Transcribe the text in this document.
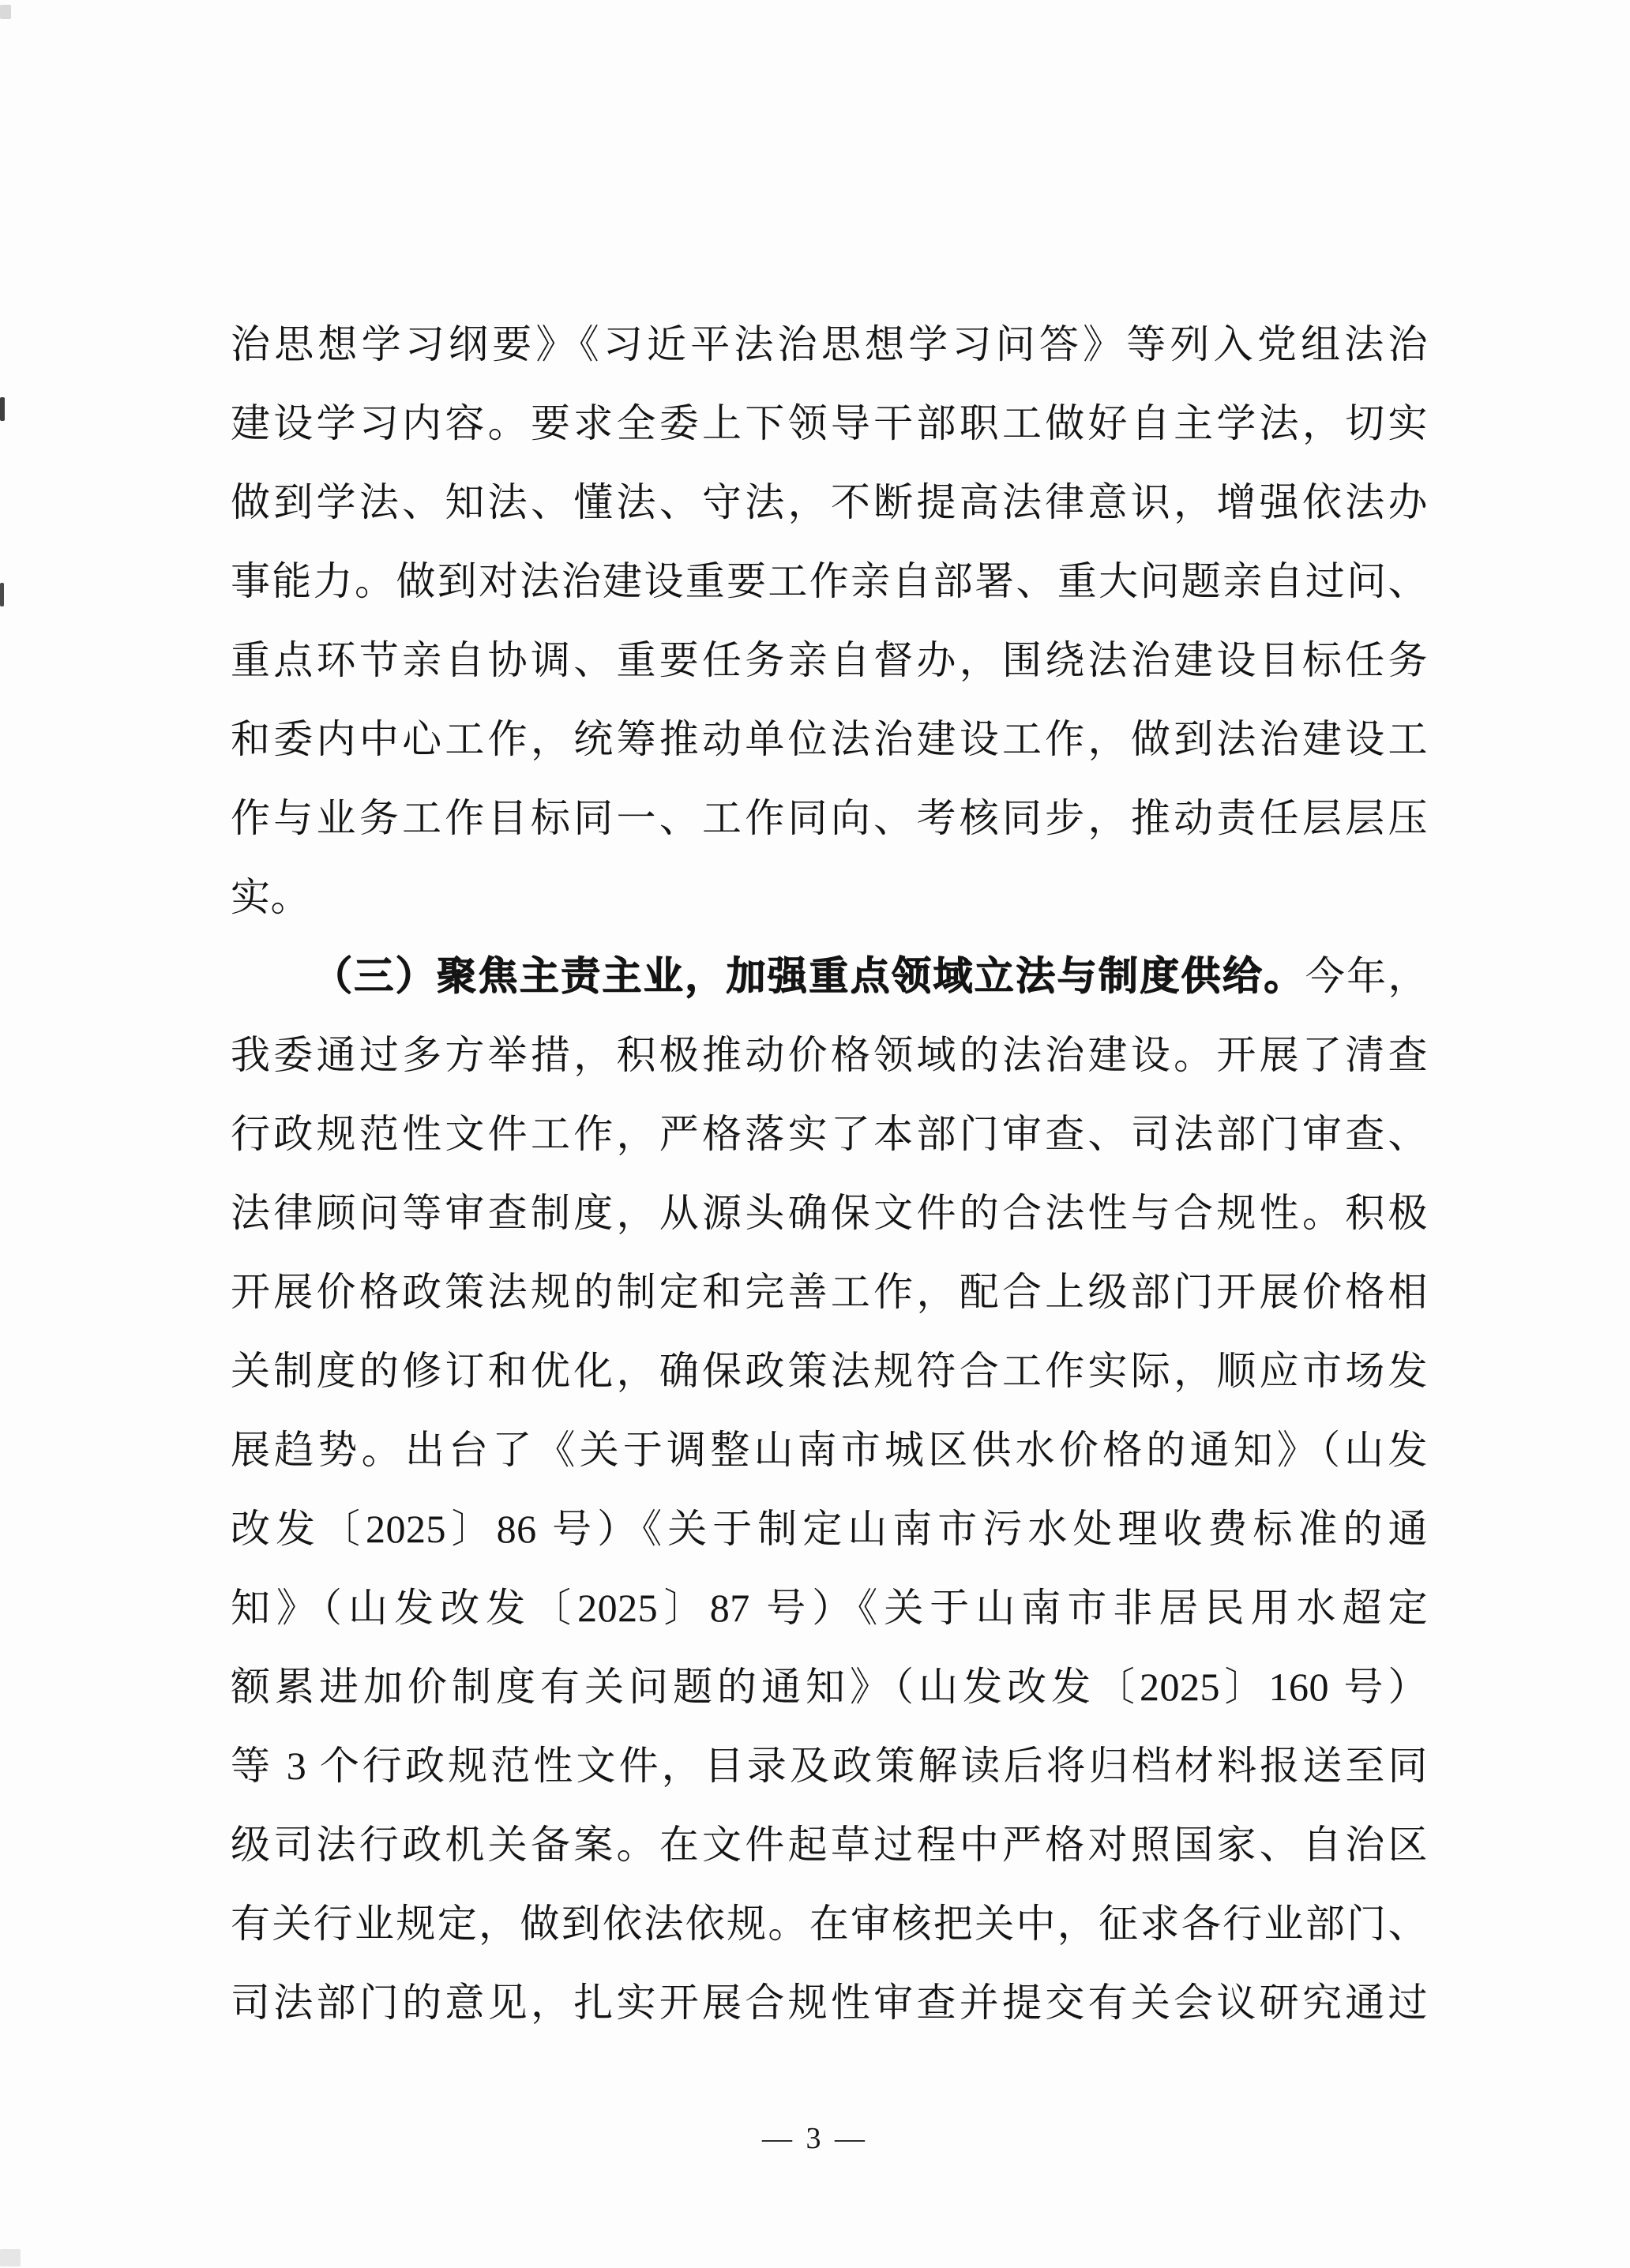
治思想学习纲要》《习近平法治思想学习问答》等列入党组法治
建设学习内容。要求全委上下领导干部职工做好自主学法，切实
做到学法、知法、懂法、守法，不断提高法律意识，增强依法办
事能力。做到对法治建设重要工作亲自部署、重大问题亲自过问、
重点环节亲自协调、重要任务亲自督办，围绕法治建设目标任务
和委内中心工作，统筹推动单位法治建设工作，做到法治建设工
作与业务工作目标同一、工作同向、考核同步，推动责任层层压
实。
（三）聚焦主责主业，加强重点领域立法与制度供给。今年，
我委通过多方举措，积极推动价格领域的法治建设。开展了清查
行政规范性文件工作，严格落实了本部门审查、司法部门审查、
法律顾问等审查制度，从源头确保文件的合法性与合规性。积极
开展价格政策法规的制定和完善工作，配合上级部门开展价格相
关制度的修订和优化，确保政策法规符合工作实际，顺应市场发
展趋势。出台了《关于调整山南市城区供水价格的通知》（山发
改发〔2025〕86 号）《关于制定山南市污水处理收费标准的通
知》（山发改发〔2025〕87 号）《关于山南市非居民用水超定
额累进加价制度有关问题的通知》（山发改发〔2025〕160 号）
等 3 个行政规范性文件，目录及政策解读后将归档材料报送至同
级司法行政机关备案。在文件起草过程中严格对照国家、自治区
有关行业规定，做到依法依规。在审核把关中，征求各行业部门、
司法部门的意见，扎实开展合规性审查并提交有关会议研究通过
— 3 —
